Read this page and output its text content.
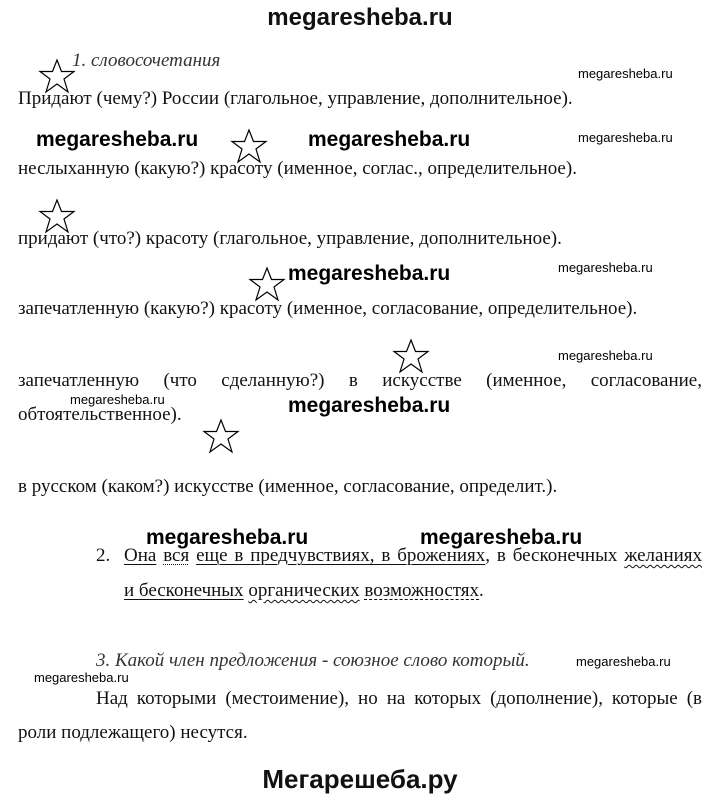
megaresheba.ru
1. словосочетания
megaresheba.ru
Придают (чему?) России (глагольное, управление, дополнительное).
megaresheba.ru	megaresheba.ru	megaresheba.ru
неслыханную (какую?) красоту (именное, соглас., определительное).
придают (что?) красоту (глагольное, управление, дополнительное).
megaresheba.ru	megaresheba.ru
запечатленную (какую?) красоту (именное, согласование, определительное).
megaresheba.ru
запечатленную (что сделанную?) в искусстве (именное, согласование,
megaresheba.ru	megaresheba.ru
обтоятельственное).
в русском (каком?) искусстве (именное, согласование, определит.).
megaresheba.ru	megaresheba.ru
2. Она вся еще в предчувствиях, в брожениях, в бесконечных желаниях
и бесконечных органических возможностях.
3. Какой член предложения - союзное слово который.	megaresheba.ru
megaresheba.ru
Над которыми (местоимение), но на которых (дополнение), которые (в
роли подлежащего) несутся.
Мегарешеба.ру
